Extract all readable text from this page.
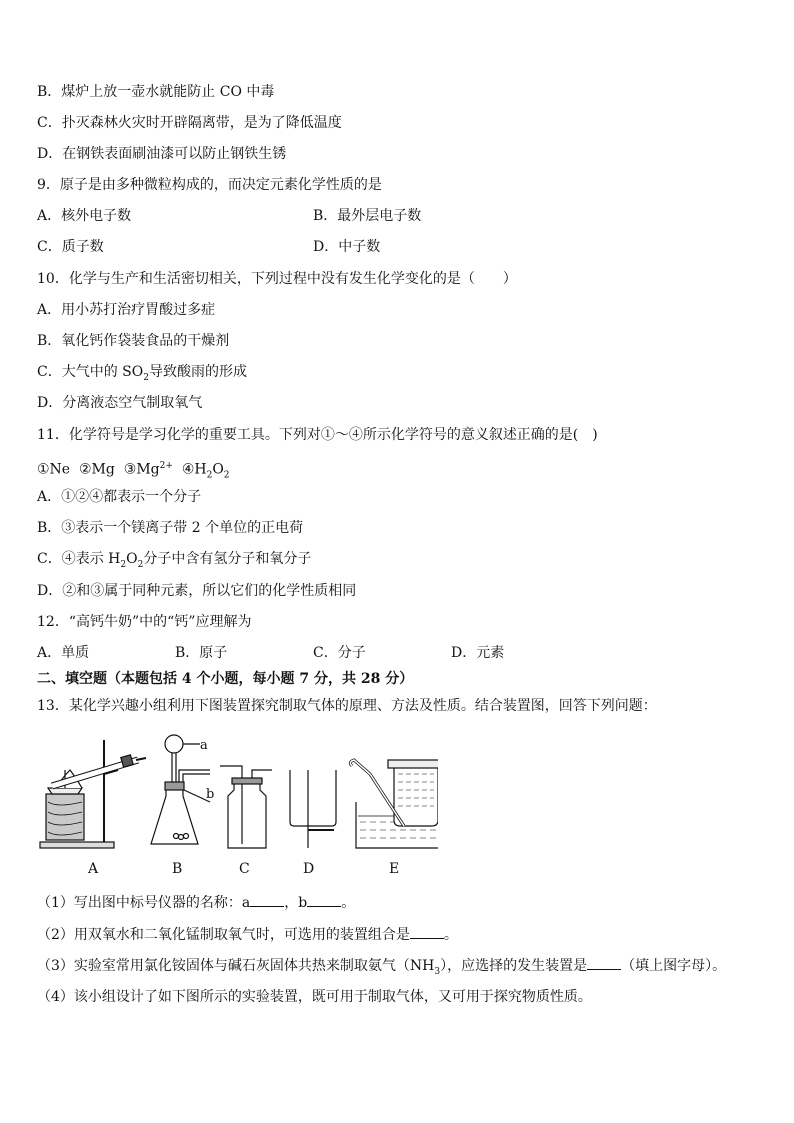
B．煤炉上放一壶水就能防止 CO 中毒
C．扑灭森林火灾时开辟隔离带，是为了降低温度
D．在钢铁表面刷油漆可以防止钢铁生锈
9．原子是由多种微粒构成的，而决定元素化学性质的是
A．核外电子数	B．最外层电子数
C．质子数	D．中子数
10．化学与生产和生活密切相关，下列过程中没有发生化学变化的是（　　）
A．用小苏打治疗胃酸过多症
B．氧化钙作袋装食品的干燥剂
C．大气中的 $SO_2$导致酸雨的形成
D．分离液态空气制取氧气
11．化学符号是学习化学的重要工具。下列对①～④所示化学符号的意义叙述正确的是(　)
①Ne ②Mg $③Mg^{2+}$ $④H_2O_2$
A．①②④都表示一个分子
B．③表示一个镁离子带 2 个单位的正电荷
C．④表示 $H_2O_2$分子中含有氢分子和氧分子
D．②和③属于同种元素，所以它们的化学性质相同
12．“高钙牛奶”中的“钙”应理解为
A．单质	B．原子	C．分子	D．元素
二、填空题（本题包括 4 个小题，每小题 7 分，共 28 分）
13．某化学兴趣小组利用下图装置探究制取气体的原理、方法及性质。结合装置图，回答下列问题：
a
b
A	B	C	D	E
（1）写出图中标号仪器的名称：a ，b 。
（2）用双氧水和二氧化锰制取氧气时，可选用的装置组合是 。
（3）实验室常用氯化铵固体与碱石灰固体共热来制取氨气$(NH_3)$，应选择的发生装置是 （填上图字母）。
（4）该小组设计了如下图所示的实验装置，既可用于制取气体，又可用于探究物质性质。
